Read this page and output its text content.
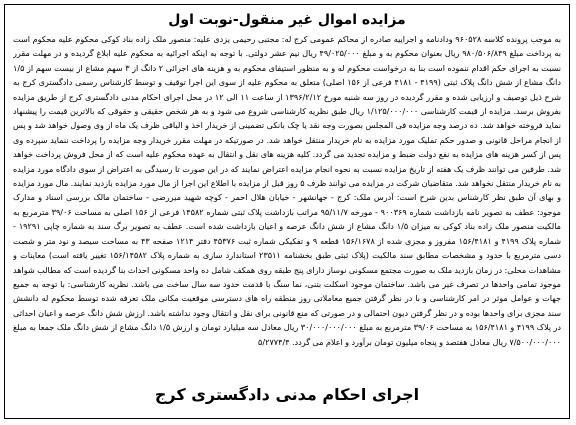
مزایده اموال غیر منقول-نوبت اول
به موجب پرونده کلاسه ۹۶۰۵۲۸ ودادنامه و اجراییه صادره از محاکم عمومی کرج له: مجتبی رحیمی یزدی علیه: منصور ملک زاده بناد کوکی محکوم علیه محکوم است به پرداخت مبلغ ۹۸۰/۵۰۶/۸۴۹ ریال بعنوان محکوم به و مبلغ ۴۹/۰۲۵/۰۰۰ ریال نیم عشر دولتی. با توجه به اینکه اجرائیه به محکوم علیه ابلاغ گردیده و در مهلت مقرر نسبت به اجرای حکم اقدام ننموده است بنا به درخواست محکوم له و به منظور استیفای محکوم به و هزینه های اجرائی ۲ دانگ از ۳ سهم مشاع از بیست سهم از ۱/۵ دانگ مشاع از شش دانگ پلاک ثبتی (۴۱۹۹ - ۴۱۸۱ فرعی از ۱۵۶ اصلی) متعلق به محکوم علیه از سوی این اجرا توقیف و توسط کارشناس رسمی دادگستری کرج به شرح ذیل توصیف و ارزیابی شده و مقرر گردیده در روز سه شنبه مورخ ۱۳۹۶/۲/۱۲ از ساعت ۱۱ الی ۱۲ در محل اجرای احکام مدنی دادگستری کرج از طریق مزایده بفروش برسد. مزایده از قیمت کارشناسی ۱/۱۲۵/۰۰۰/۰۰۰ ریال طبق نظریه کارشناسی شروع می شود و به هر شخص حقیقی و حقوقی که بالاترین قیمت را پیشنهاد نماید فروخته خواهد شد. ده درصد وجه مزایده فی المجلس بصورت وجه نقد یا چک بانکی تضمینی از خریدار اخذ و الباقی ظرف یک ماه از وی وصول خواهد شد و پس از انجام مراحل قانونی و صدور حکم تملیک مورد مزایده به نام خریدار منتقل خواهد شد. در صورتیکه در مهلت مقرر خریدار وجه مزایده را پرداخت ننماید سپرده وی پس از کسر هزینه های مزایده به نفع دولت ضبط و مزایده تجدید می گردد. کلیه هزینه های نقل و انتقال به عهده محکوم علیه است که از محل فروش پرداخت خواهد شد. طرفین می توانند ظرف یک هفته از تاریخ مزایده نسبت به نحوه انجام مزایده اعتراض نمایند که در این صورت تا رسیدگی به اعتراض از سوی دادگاه مورد مزایده به نام خریدار منتقل نخواهد شد. متقاضیان شرکت در مزایده می توانند ظرف ۵ روز قبل از مزایده با اطلاع این اجرا از مال مورد مزایده بازدید نمایند. مال مورد مزایده و بهای آن طبق نظر کارشناس بدین شرح است: آدرس ملک: کرج - جهانشهر - خیابان هلال احمر - کوچه شهید میررضی - ساختمان مالک بررسی اسناد و مدارک موجود: عطف به تصویر نامه بازداشت شماره ۹۰۰۳۶۹ - مورخه ۹۵/۱۱/۷ مراتب بازداشت پلاک ثبتی شماره ۱۴۵۸۲ فرعی از ۱۵۶ اصلی به مساحت ۳۹/۰۶ مترمربع به مالکیت منصور ملک زاده بناد کوکی به میزان ۱/۵ دانگ مشاع از شش دانگ عرصه و اعیان بازداشت شده است. عطف به تصویر برگ سند به شماره چاپی ۱۹۲۹۱ - شماره پلاک ۴۱۹۹ و ۱۵۶/۴۱۸۱ مفروز و مجزی شده از ۱۵۶/۱۶۷۸ قطعه ۹ و تفکیکی شماره ثبت ۴۵۳۷۶ دفتر ۱۲۱۴ صفحه ۴۳ به مساحت سیصد و نود متر و شصت دسی مترمربع با حدود و مشخصات مطابق سند مالکیت (پلاک ثبتی طبق بخشنامه ۲۳۵۱۱ استاندارد سازی به شماره پلاک ۱۵۶/۱۴۵۸۲ تغییر یافته است) معاینات و مشاهدات محلی: در زمان بازدید ملک به صورت مجتمع مسکونی نوساز دارای پنج طبقه روی همکف شامل ده واحد مسکونی احداث بنا گردیده است که مطالب شواهد موجود تمامی واحدها در تصرف غیر می باشد. ساختمان موجود اسکلت بتنی، نما سنگ با قدمت حدود سه سال ساخت می باشد. نظریه کارشناسی: با توجه به جمیع جهات و عوامل موثر در امر کارشناسی و با در نظر گرفتن جمیع معاملاتی روز منطقه راه های دسترسی موقعیت مکانی ملک تعرفه شده توسط محکوم له دانشش سند مجزی برای واحدها بوده و در نظر گرفتن دیون احتمالی و در صورتی که منع قانونی برای نقل و انتقال وجود نداشته باشد. ارزش شش دانگ عرصه و اعیان احداثی در پلاک ۴۱۹۹ و ۱۵۶/۴۱۸۱ به مساحت ۳۹/۰۶ مترمربع به مبلغ ۳۰/۰۰۰/۰۰۰/۰۰۰ ریال معادل سه میلیارد تومان و ارزش ۱/۵ دانگ مشاع از شش دانگ ملک جمعا به مبلغ ۷/۵۰۰/۰۰۰/۰۰۰ ریال معادل هفتصد و پنجاه میلیون تومان برآورد و اعلام می گردد. ۵/۲۷۷۴/۴
اجرای احکام مدنی دادگستری کرج
